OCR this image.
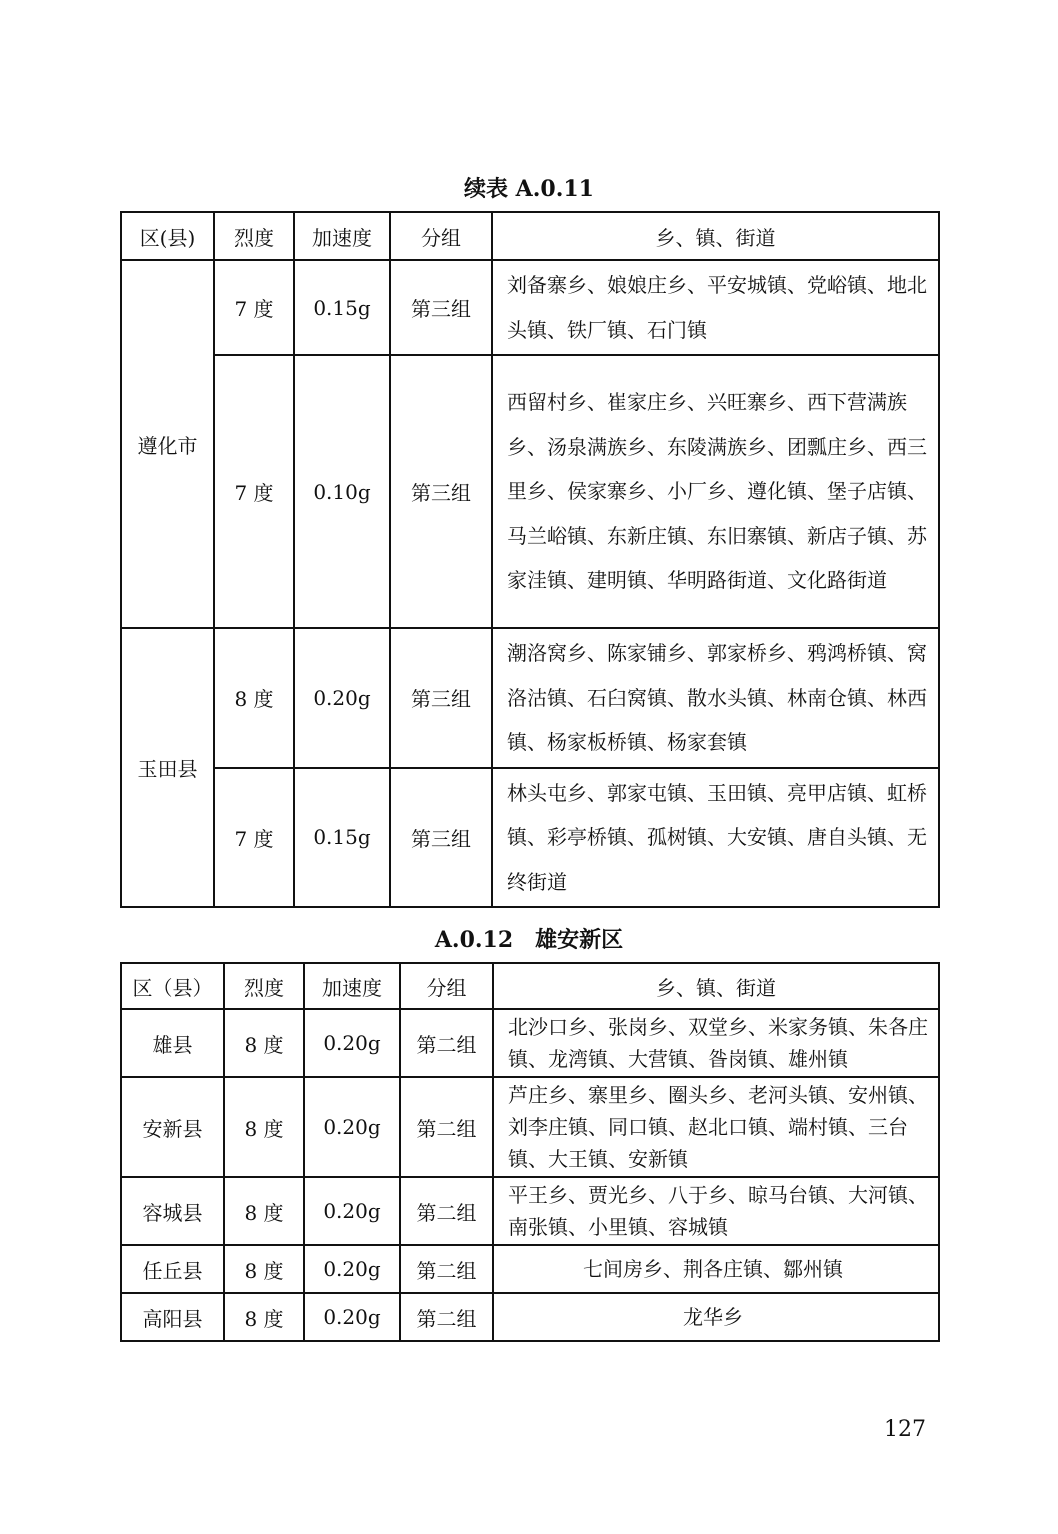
续表 A.0.11
区(县)	烈度	加速度	分组	乡、镇、街道
遵化市	7 度	0.15g	第三组	刘备寨乡、娘娘庄乡、平安城镇、党峪镇、地北头镇、铁厂镇、石门镇
	7 度	0.10g	第三组	西留村乡、崔家庄乡、兴旺寨乡、西下营满族乡、汤泉满族乡、东陵满族乡、团瓢庄乡、西三里乡、侯家寨乡、小厂乡、遵化镇、堡子店镇、马兰峪镇、东新庄镇、东旧寨镇、新店子镇、苏家洼镇、建明镇、华明路街道、文化路街道
玉田县	8 度	0.20g	第三组	潮洛窝乡、陈家铺乡、郭家桥乡、鸦鸿桥镇、窝洛沽镇、石臼窝镇、散水头镇、林南仓镇、林西镇、杨家板桥镇、杨家套镇
	7 度	0.15g	第三组	林头屯乡、郭家屯镇、玉田镇、亮甲店镇、虹桥镇、彩亭桥镇、孤树镇、大安镇、唐自头镇、无终街道
A.0.12　雄安新区
区（县）	烈度	加速度	分组	乡、镇、街道
雄县	8 度	0.20g	第二组	北沙口乡、张岗乡、双堂乡、米家务镇、朱各庄镇、龙湾镇、大营镇、昝岗镇、雄州镇
安新县	8 度	0.20g	第二组	芦庄乡、寨里乡、圈头乡、老河头镇、安州镇、刘李庄镇、同口镇、赵北口镇、端村镇、三台镇、大王镇、安新镇
容城县	8 度	0.20g	第二组	平王乡、贾光乡、八于乡、晾马台镇、大河镇、南张镇、小里镇、容城镇
任丘县	8 度	0.20g	第二组	七间房乡、荆各庄镇、鄒州镇
高阳县	8 度	0.20g	第二组	龙华乡
127
